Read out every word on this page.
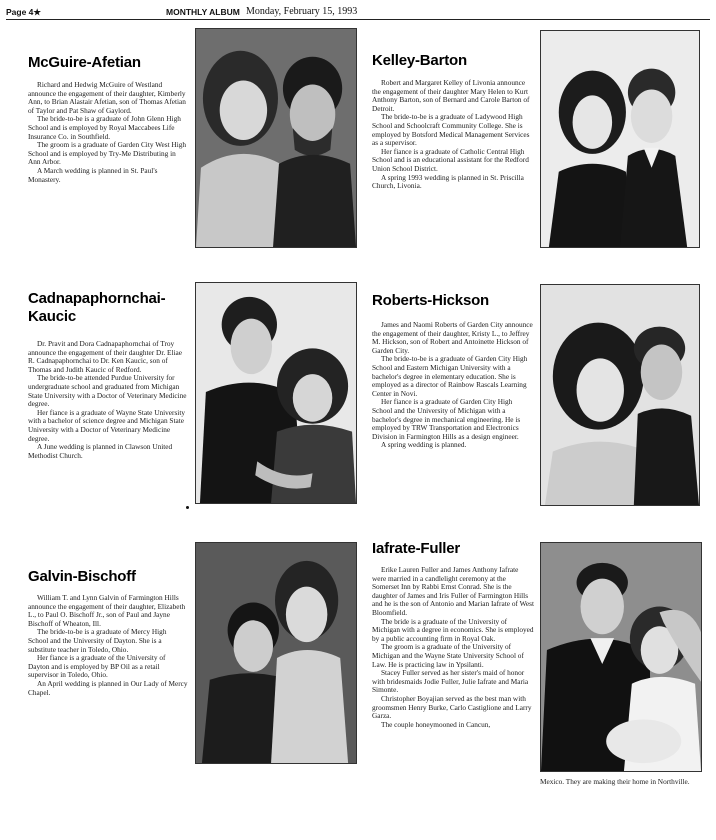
Page 4★	MONTHLY ALBUM Monday, February 15, 1993
McGuire-Afetian

Richard and Hedwig McGuire of Westland announce the engagement of their daughter, Kimberly Ann, to Brian Alastair Afetian, son of Thomas Afetian of Taylor and Pat Shaw of Gaylord.

The bride-to-be is a graduate of John Glenn High School and is employed by Royal Maccabees Life Insurance Co. in Southfield.

The groom is a graduate of Garden City West High School and is employed by Try-Me Distributing in Ann Arbor.

A March wedding is planned in St. Paul's Monastery.

Kelley-Barton

Robert and Margaret Kelley of Livonia announce the engagement of their daughter Mary Helen to Kurt Anthony Barton, son of Bernard and Carole Barton of Detroit.

The bride-to-be is a graduate of Ladywood High School and Schoolcraft Community College. She is employed by Botsford Medical Management Services as a supervisor.

Her fiance is a graduate of Catholic Central High School and is an educational assistant for the Redford Union School District.

A spring 1993 wedding is planned in St. Priscilla Church, Livonia.

Cadnapaphornchai-Kaucic

Dr. Pravit and Dora Cadnapaphornchai of Troy announce the engagement of their daughter Dr. Eliae R. Cadnapaphornchai to Dr. Ken Kaucic, son of Thomas and Judith Kaucic of Redford.

The bride-to-be attended Purdue University for undergraduate school and graduated from Michigan State University with a Doctor of Veterinary Medicine degree.

Her fiance is a graduate of Wayne State University with a bachelor of science degree and Michigan State University with a Doctor of Veterinary Medicine degree.

A June wedding is planned in Clawson United Methodist Church.

Roberts-Hickson

James and Naomi Roberts of Garden City announce the engagement of their daughter, Kristy L., to Jeffrey M. Hickson, son of Robert and Antoinette Hickson of Garden City.

The bride-to-be is a graduate of Garden City High School and Eastern Michigan University with a bachelor's degree in elementary education. She is employed as a director of Rainbow Rascals Learning Center in Novi.

Her fiance is a graduate of Garden City High School and the University of Michigan with a bachelor's degree in mechanical engineering. He is employed by TRW Transportation and Electronics Division in Farmington Hills as a design engineer.

A spring wedding is planned.

Galvin-Bischoff

William T. and Lynn Galvin of Farmington Hills announce the engagement of their daughter, Elizabeth L., to Paul O. Bischoff Jr., son of Paul and Jayne Bischoff of Wheaton, Ill.

The bride-to-be is a graduate of Mercy High School and the University of Dayton. She is a substitute teacher in Toledo, Ohio.

Her fiance is a graduate of the University of Dayton and is employed by BP Oil as a retail supervisor in Toledo, Ohio.

An April wedding is planned in Our Lady of Mercy Chapel.

Iafrate-Fuller

Erike Lauren Fuller and James Anthony Iafrate were married in a candlelight ceremony at the Somerset Inn by Rabbi Ernst Conrad. She is the daughter of James and Iris Fuller of Farmington Hills and he is the son of Antonio and Marian Iafrate of West Bloomfield.

The bride is a graduate of the University of Michigan with a degree in economics. She is employed by a public accounting firm in Royal Oak.

The groom is a graduate of the University of Michigan and the Wayne State University School of Law. He is practicing law in Ypsilanti.

Stacey Fuller served as her sister's maid of honor with bridesmaids Jodie Fuller, Julie Iafrate and Maria Simonte.

Christopher Boyajian served as the best man with groomsmen Henry Burke, Carlo Castiglione and Larry Garza.

The couple honeymooned in Cancun,

Mexico. They are making their home in Northville.
